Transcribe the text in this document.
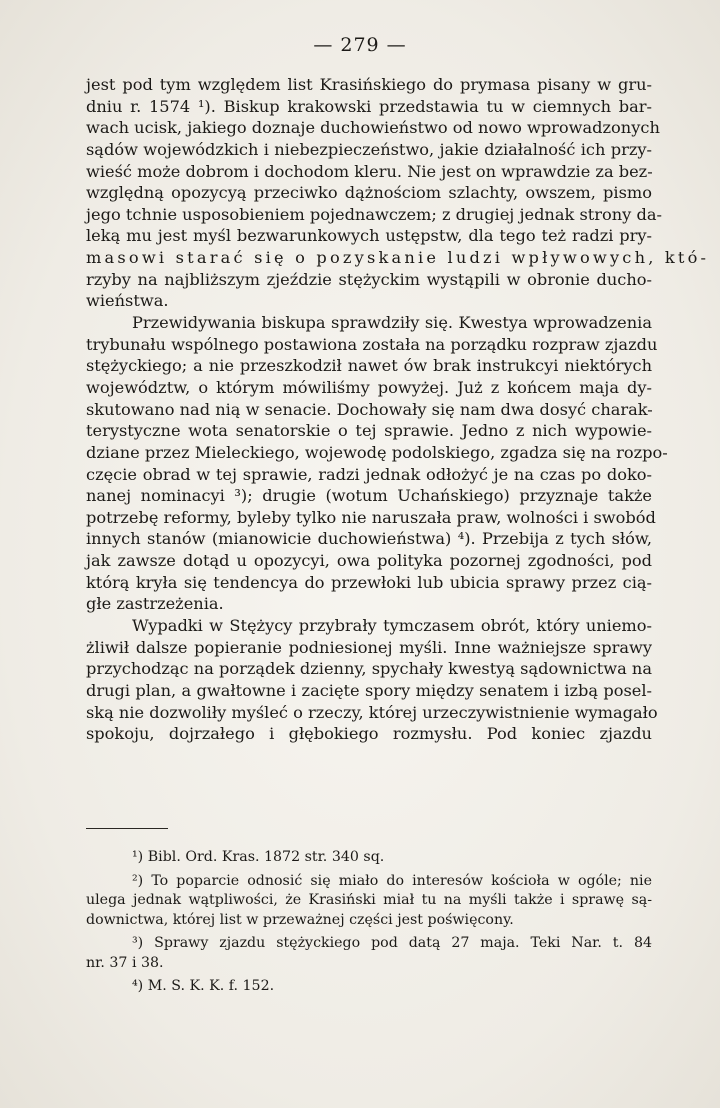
— 279 —
jest pod tym względem list Krasińskiego do prymasa pisany w gru-
dniu r. 1574 ¹). Biskup krakowski przedstawia tu w ciemnych bar-
wach ucisk, jakiego doznaje duchowieństwo od nowo wprowadzonych
sądów wojewódzkich i niebezpieczeństwo, jakie działalność ich przy-
wieść może dobrom i dochodom kleru. Nie jest on wprawdzie za bez-
względną opozycyą przeciwko dążnościom szlachty, owszem, pismo
jego tchnie usposobieniem pojednawczem; z drugiej jednak strony da-
leką mu jest myśl bezwarunkowych ustępstw, dla tego też radzi pry-
masowi starać się o pozyskanie ludzi wpływowych, któ-
rzyby na najbliższym zjeździe stężyckim wystąpili w obronie ducho-
wieństwa.
Przewidywania biskupa sprawdziły się. Kwestya wprowadzenia
trybunału wspólnego postawiona została na porządku rozpraw zjazdu
stężyckiego; a nie przeszkodził nawet ów brak instrukcyi niektórych
województw, o którym mówiliśmy powyżej. Już z końcem maja dy-
skutowano nad nią w senacie. Dochowały się nam dwa dosyć charak-
terystyczne wota senatorskie o tej sprawie. Jedno z nich wypowie-
dziane przez Mieleckiego, wojewodę podolskiego, zgadza się na rozpo-
częcie obrad w tej sprawie, radzi jednak odłożyć je na czas po doko-
nanej nominacyi ³); drugie (wotum Uchańskiego) przyznaje także
potrzebę reformy, byleby tylko nie naruszała praw, wolności i swobód
innych stanów (mianowicie duchowieństwa) ⁴). Przebija z tych słów,
jak zawsze dotąd u opozycyi, owa polityka pozornej zgodności, pod
którą kryła się tendencya do przewłoki lub ubicia sprawy przez cią-
głe zastrzeżenia.
Wypadki w Stężycy przybrały tymczasem obrót, który uniemo-
żliwił dalsze popieranie podniesionej myśli. Inne ważniejsze sprawy
przychodząc na porządek dzienny, spychały kwestyą sądownictwa na
drugi plan, a gwałtowne i zacięte spory między senatem i izbą posel-
ską nie dozwoliły myśleć o rzeczy, której urzeczywistnienie wymagało
spokoju, dojrzałego i głębokiego rozmysłu. Pod koniec zjazdu
¹) Bibl. Ord. Kras. 1872 str. 340 sq.
²) To poparcie odnosić się miało do interesów kościoła w ogóle; nie
ulega jednak wątpliwości, że Krasiński miał tu na myśli także i sprawę są-
downictwa, której list w przeważnej części jest poświęcony.
³) Sprawy zjazdu stężyckiego pod datą 27 maja. Teki Nar. t. 84
nr. 37 i 38.
⁴) M. S. K. K. f. 152.
